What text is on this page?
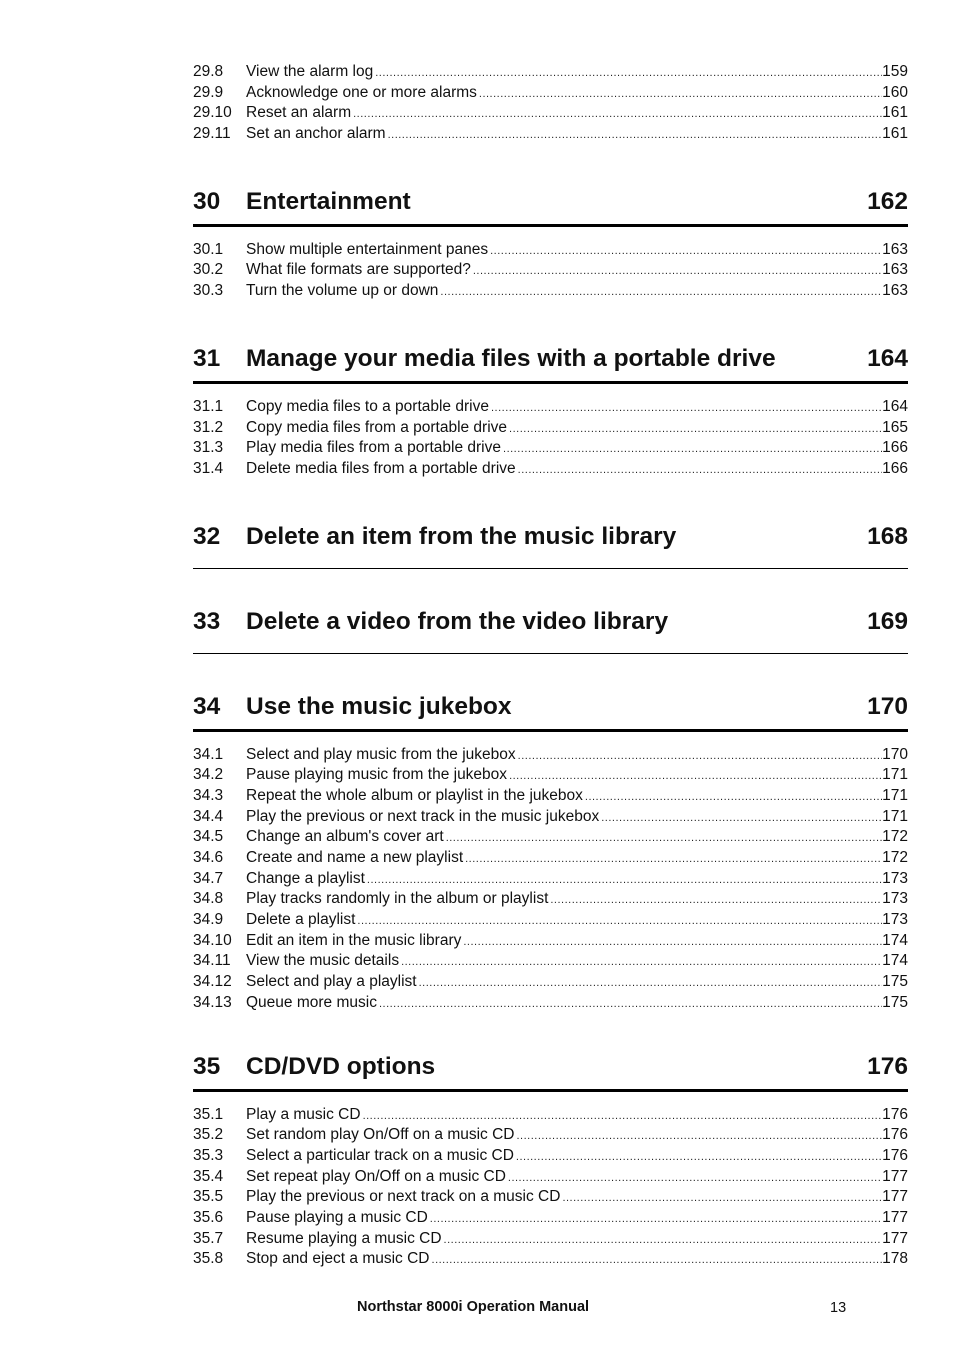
29.8	View the alarm log .....	159
29.9	Acknowledge one or more alarms .....	160
29.10 Reset an alarm .....	161
29.11 Set an anchor alarm .....	161
30	Entertainment	162
30.1	Show multiple entertainment panes .....	163
30.2	What file formats are supported? .....	163
30.3	Turn the volume up or down .....	163
31	Manage your media files with a portable drive	164
31.1	Copy media files to a portable drive .....	164
31.2	Copy media files from a portable drive .....	165
31.3	Play media files from a portable drive .....	166
31.4	Delete media files from a portable drive .....	166
32	Delete an item from the music library	168
33	Delete a video from the video library	169
34	Use the music jukebox	170
34.1	Select and play music from the jukebox .....	170
34.2	Pause playing music from the jukebox .....	171
34.3	Repeat the whole album or playlist in the jukebox .....	171
34.4	Play the previous or next track in the music jukebox .....	171
34.5	Change an album's cover art .....	172
34.6	Create and name a new playlist .....	172
34.7	Change a playlist .....	173
34.8	Play tracks randomly in the album or playlist .....	173
34.9	Delete a playlist .....	173
34.10 Edit an item in the music library .....	174
34.11 View the music details .....	174
34.12 Select and play a playlist .....	175
34.13 Queue more music .....	175
35	CD/DVD options	176
35.1	Play a music CD .....	176
35.2	Set random play On/Off on a music CD .....	176
35.3	Select a particular track on a music CD .....	176
35.4	Set repeat play On/Off on a music CD .....	177
35.5	Play the previous or next track on a music CD .....	177
35.6	Pause playing a music CD .....	177
35.7	Resume playing a music CD .....	177
35.8	Stop and eject a music CD .....	178
Northstar 8000i Operation Manual	13
